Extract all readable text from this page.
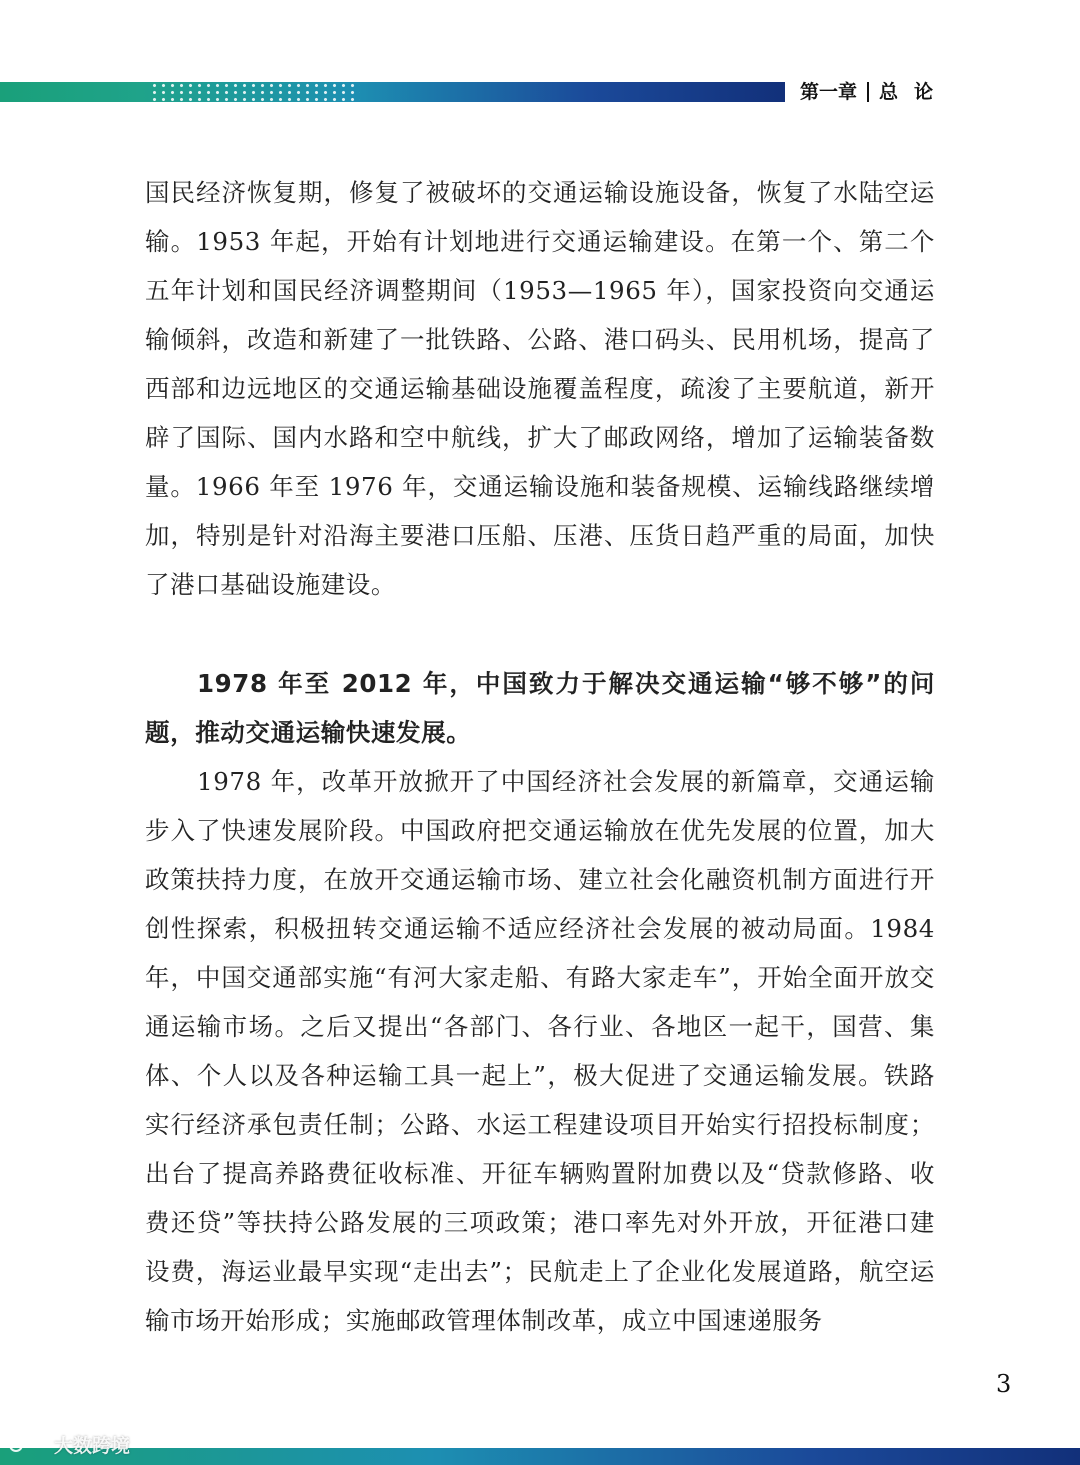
第一章 总论

国民经济恢复期，修复了被破坏的交通运输设施设备，恢复了水陆空运输。1953 年起，开始有计划地进行交通运输建设。在第一个、第二个五年计划和国民经济调整期间（1953—1965 年），国家投资向交通运输倾斜，改造和新建了一批铁路、公路、港口码头、民用机场，提高了西部和边远地区的交通运输基础设施覆盖程度，疏浚了主要航道，新开辟了国际、国内水路和空中航线，扩大了邮政网络，增加了运输装备数量。1966 年至 1976 年，交通运输设施和装备规模、运输线路继续增加，特别是针对沿海主要港口压船、压港、压货日趋严重的局面，加快了港口基础设施建设。

1978 年至 2012 年，中国致力于解决交通运输“够不够”的问题，推动交通运输快速发展。

1978 年，改革开放掀开了中国经济社会发展的新篇章，交通运输步入了快速发展阶段。中国政府把交通运输放在优先发展的位置，加大政策扶持力度，在放开交通运输市场、建立社会化融资机制方面进行开创性探索，积极扭转交通运输不适应经济社会发展的被动局面。1984 年，中国交通部实施“有河大家走船、有路大家走车”，开始全面开放交通运输市场。之后又提出“各部门、各行业、各地区一起干，国营、集体、个人以及各种运输工具一起上”，极大促进了交通运输发展。铁路实行经济承包责任制；公路、水运工程建设项目开始实行招投标制度；出台了提高养路费征收标准、开征车辆购置附加费以及“贷款修路、收费还贷”等扶持公路发展的三项政策；港口率先对外开放，开征港口建设费，海运业最早实现“走出去”；民航走上了企业化发展道路，航空运输市场开始形成；实施邮政管理体制改革，成立中国速递服务

3
大数跨境
